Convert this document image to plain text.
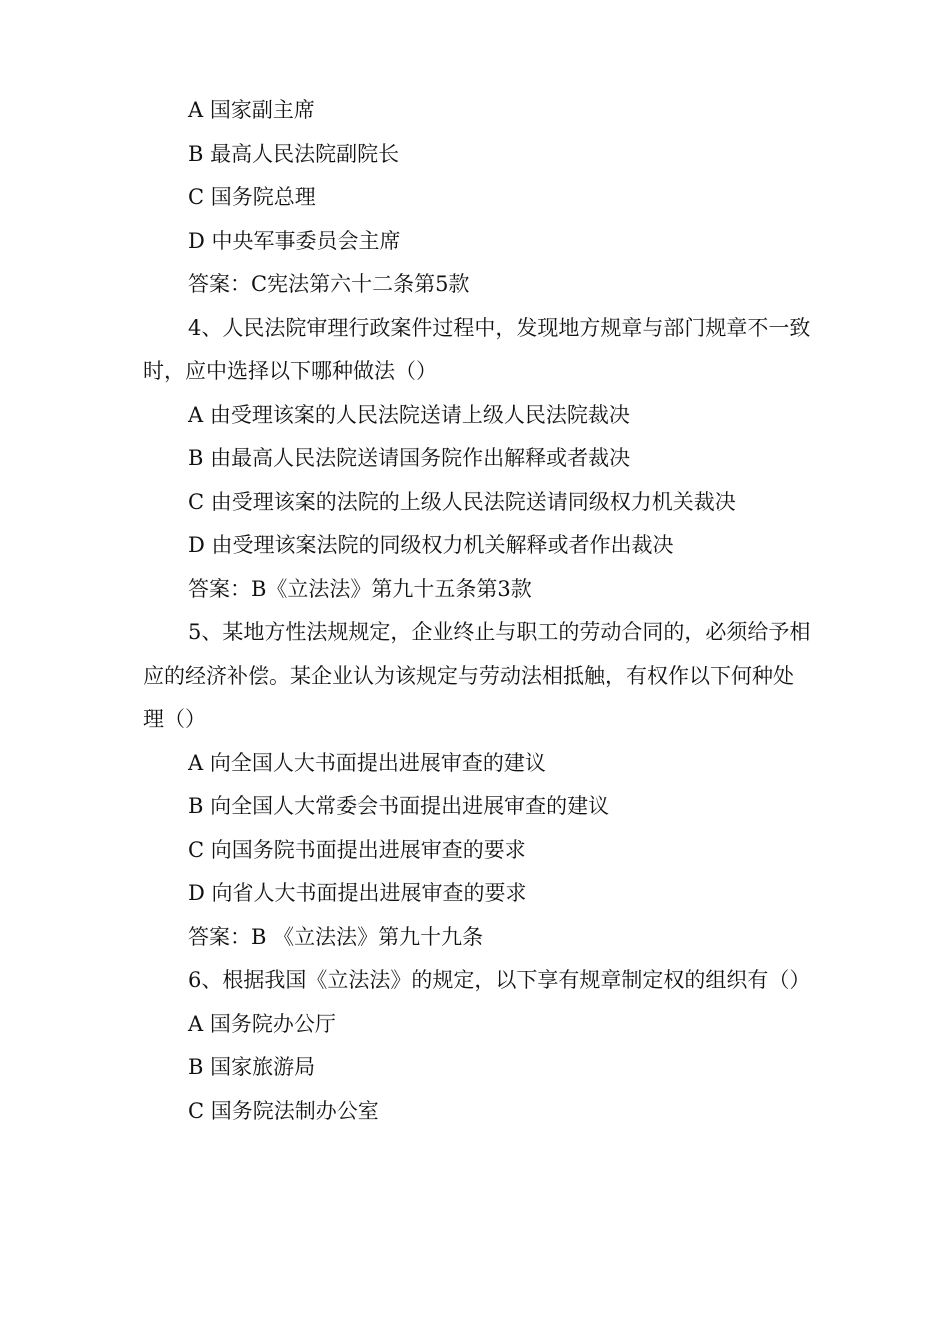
A 国家副主席
B 最高人民法院副院长
C 国务院总理
D 中央军事委员会主席
答案：C宪法第六十二条第5款

4、人民法院审理行政案件过程中，发现地方规章与部门规章不一致时，应中选择以下哪种做法（）

A 由受理该案的人民法院送请上级人民法院裁决
B 由最高人民法院送请国务院作出解释或者裁决
C 由受理该案的法院的上级人民法院送请同级权力机关裁决
D 由受理该案法院的同级权力机关解释或者作出裁决
答案：B《立法法》第九十五条第3款

5、某地方性法规规定，企业终止与职工的劳动合同的，必须给予相应的经济补偿。某企业认为该规定与劳动法相抵触，有权作以下何种处理（）

A 向全国人大书面提出进展审查的建议
B 向全国人大常委会书面提出进展审查的建议
C 向国务院书面提出进展审查的要求
D 向省人大书面提出进展审查的要求
答案：B 《立法法》第九十九条

6、根据我国《立法法》的规定，以下享有规章制定权的组织有（）

A 国务院办公厅
B 国家旅游局
C 国务院法制办公室
